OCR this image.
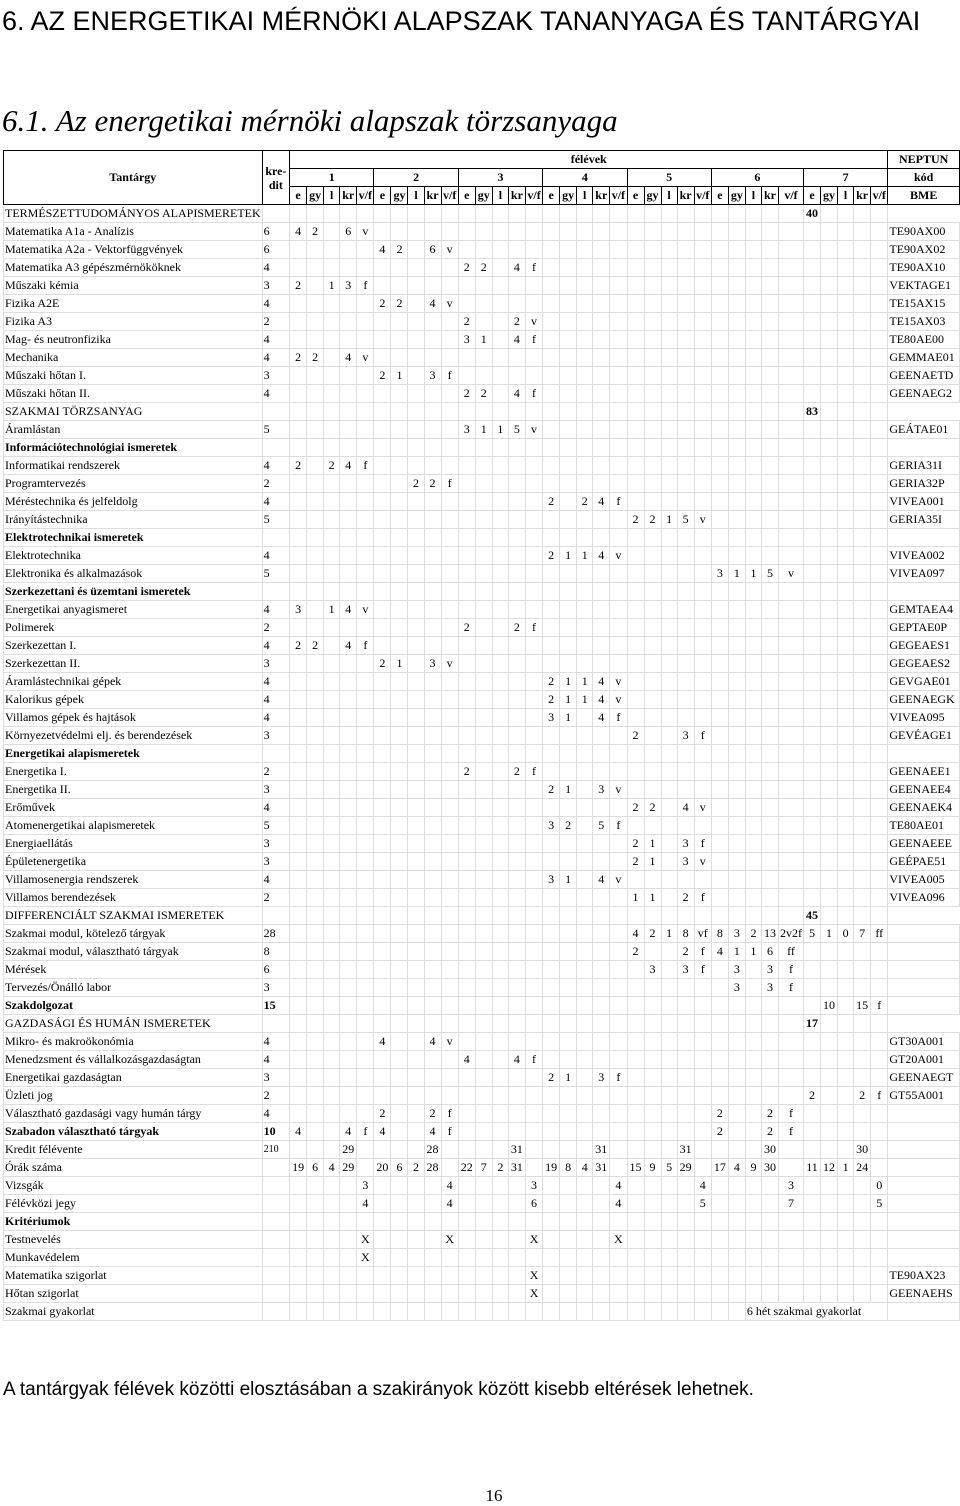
6. AZ ENERGETIKAI MÉRNÖKI ALAPSZAK TANANYAGA ÉS TANTÁRGYAI
6.1. Az energetikai mérnöki alapszak törzsanyaga
Tantárgy	kre-dit	félévek																																			NEPTUN
		1					2					3					4					5					6					7					kód
		e	gy	l	kr	v/f	e	gy	l	kr	v/f	e	gy	l	kr	v/f	e	gy	l	kr	v/f	e	gy	l	kr	v/f	e	gy	l	kr	v/f	e	gy	l	kr	v/f	BME
TERMÉSZETTUDOMÁNYOS ALAPISMERETEK																																40					
Matematika A1a - Analízis	6	4	2		6	v																															TE90AX00
Matematika A2a - Vektorfüggvények	6						4	2		6	v																										TE90AX02
Matematika A3 gépészmérnököknek	4											2	2		4	f																					TE90AX10
Műszaki kémia	3	2		1	3	f																															VEKTAGE1
Fizika A2E	4						2	2		4	v																										TE15AX15
Fizika A3	2											2			2	v																					TE15AX03
Mag- és neutronfizika	4											3	1		4	f																					TE80AE00
Mechanika	4	2	2		4	v																															GEMMAE01
Műszaki hőtan I.	3						2	1		3	f																										GEENAETD
Műszaki hőtan II.	4											2	2		4	f																					GEENAEG2
SZAKMAI TÖRZSANYAG																																83					
Áramlástan	5											3	1	1	5	v																					GEÁTAE01
Információtechnológiai ismeretek																																					
Informatikai rendszerek	4	2		2	4	f																															GERIA31I
Programtervezés	2								2	2	f																										GERIA32P
Méréstechnika és jelfeldolg	4																2		2	4	f																VIVEA001
Irányítástechnika	5																					2	2	1	5	v											GERIA35I
Elektrotechnikai ismeretek																																					
Elektrotechnika	4																2	1	1	4	v																VIVEA002
Elektronika és alkalmazások	5																										3	1	1	5	v						VIVEA097
Szerkezettani és üzemtani ismeretek																																					
Energetikai anyagismeret	4	3		1	4	v																															GEMTAEA4
Polimerek	2											2			2	f																					GEPTAE0P
Szerkezettan I.	4	2	2		4	f																															GEGEAES1
Szerkezettan II.	3						2	1		3	v																										GEGEAES2
Áramlástechnikai gépek	4																2	1	1	4	v																GEVGAE01
Kalorikus gépek	4																2	1	1	4	v																GEENAEGK
Villamos gépek és hajtások	4																3	1		4	f																VIVEA095
Környezetvédelmi elj. és berendezések	3																					2			3	f											GEVÉAGE1
Energetikai alapismeretek																																					
Energetika I.	2											2			2	f																					GEENAEE1
Energetika II.	3																2	1		3	v																GEENAEE4
Erőművek	4																					2	2		4	v											GEENAEK4
Atomenergetikai alapismeretek	5																3	2		5	f																TE80AE01
Energiaellátás	3																					2	1		3	f											GEENAEEE
Épületenergetika	3																					2	1		3	v											GEÉPAE51
Villamosenergia rendszerek	4																3	1		4	v																VIVEA005
Villamos berendezések	2																					1	1		2	f											VIVEA096
DIFFERENCIÁLT SZAKMAI ISMERETEK																																45					
Szakmai modul, kötelező tárgyak	28																					4	2	1	8	vf	8	3	2	13	2v2f	5	1	0	7	ff	
Szakmai modul, választható tárgyak	8																					2			2	f	4	1	1	6	ff						
Mérések	6																						3		3	f		3		3	f						
Tervezés/Önálló labor	3																											3		3	f						
Szakdolgozat	15																																10		15	f	
GAZDASÁGI ÉS HUMÁN ISMERETEK																																17					
Mikro- és makroökonómia	4						4			4	v																										GT30A001
Menedzsment és vállalkozásgazdaságtan	4											4			4	f																					GT20A001
Energetikai gazdaságtan	3																2	1		3	f																GEENAEGT
Üzleti jog	2																															2			2	f	GT55A001
Választható gazdasági vagy humán tárgy	4						2			2	f																2			2	f						
Szabadon választható tárgyak	10	4			4	f	4			4	f																2			2	f						
Kredit félévente	210				29					28					31					31					31					30					30		
Órák száma		19	6	4	29		20	6	2	28		22	7	2	31		19	8	4	31		15	9	5	29		17	4	9	30		11	12	1	24		
Vizsgák						3					4					3					4					4					3					0	
Félévközi jegy						4					4					6					4					5					7					5	
Kritériumok																																					
Testnevelés						X					X					X					X																
Munkavédelem						X																															
Matematika szigorlat																X																					TE90AX23
Hőtan szigorlat																X																					GEENAEHS
Szakmai gyakorlat																													6 hét szakmai gyakorlat								
A tantárgyak félévek közötti elosztásában a szakirányok között kisebb eltérések lehetnek.
16
